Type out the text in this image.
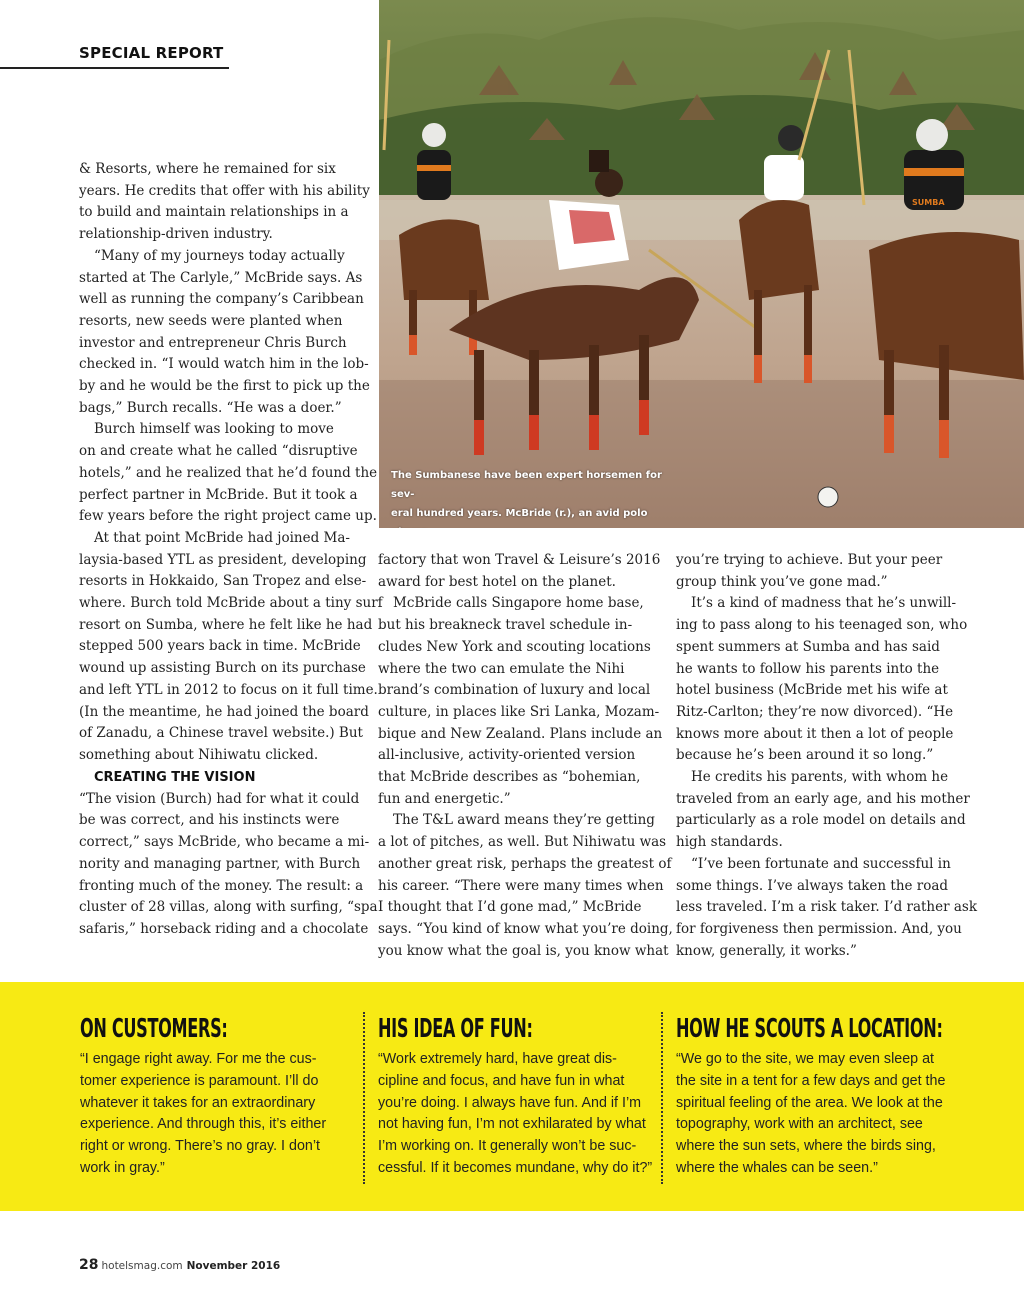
SPECIAL REPORT
SUMBA
The Sumbanese have been expert horsemen for sev-
eral hundred years. McBride (r.), an avid polo

& Resorts, where he remained for six
years. He credits that offer with his ability
to build and maintain relationships in a
relationship-driven industry.

“Many of my journeys today actually
started at The Carlyle,” McBride says. As
well as running the company’s Caribbean
resorts, new seeds were planted when
investor and entrepreneur Chris Burch
checked in. “I would watch him in the lob-
by and he would be the first to pick up the
bags,” Burch recalls. “He was a doer.”

Burch himself was looking to move
on and create what he called “disruptive
hotels,” and he realized that he’d found the
perfect partner in McBride. But it took a
few years before the right project came up.

At that point McBride had joined Ma-
laysia-based YTL as president, developing
resorts in Hokkaido, San Tropez and else-
where. Burch told McBride about a tiny surf
resort on Sumba, where he felt like he had
stepped 500 years back in time. McBride
wound up assisting Burch on its purchase
and left YTL in 2012 to focus on it full time.
(In the meantime, he had joined the board
of Zanadu, a Chinese travel website.) But
something about Nihiwatu clicked.

CREATING THE VISION

“The vision (Burch) had for what it could
be was correct, and his instincts were
correct,” says McBride, who became a mi-
nority and managing partner, with Burch
fronting much of the money. The result: a
cluster of 28 villas, along with surfing, “spa
safaris,” horseback riding and a chocolate

factory that won Travel & Leisure’s 2016
award for best hotel on the planet.

McBride calls Singapore home base,
but his breakneck travel schedule in-
cludes New York and scouting locations
where the two can emulate the Nihi
brand’s combination of luxury and local
culture, in places like Sri Lanka, Mozam-
bique and New Zealand. Plans include an
all-inclusive, activity-oriented version
that McBride describes as “bohemian,
fun and energetic.”

The T&L award means they’re getting
a lot of pitches, as well. But Nihiwatu was
another great risk, perhaps the greatest of
his career. “There were many times when
I thought that I’d gone mad,” McBride
says. “You kind of know what you’re doing,
you know what the goal is, you know what

you’re trying to achieve. But your peer
group think you’ve gone mad.”

It’s a kind of madness that he’s unwill-
ing to pass along to his teenaged son, who
spent summers at Sumba and has said
he wants to follow his parents into the
hotel business (McBride met his wife at
Ritz-Carlton; they’re now divorced). “He
knows more about it then a lot of people
because he’s been around it so long.”

He credits his parents, with whom he
traveled from an early age, and his mother
particularly as a role model on details and
high standards.

“I’ve been fortunate and successful in
some things. I’ve always taken the road
less traveled. I’m a risk taker. I’d rather ask
for forgiveness then permission. And, you
know, generally, it works.”

ON CUSTOMERS:
“I engage right away. For me the cus-
tomer experience is paramount. I’ll do
whatever it takes for an extraordinary
experience. And through this, it’s either
right or wrong. There’s no gray. I don’t
work in gray.”
HIS IDEA OF FUN:
“Work extremely hard, have great dis-
cipline and focus, and have fun in what
you’re doing. I always have fun. And if I’m
not having fun, I’m not exhilarated by what
I’m working on. It generally won’t be suc-
cessful. If it becomes mundane, why do it?”
HOW HE SCOUTS A LOCATION:
“We go to the site, we may even sleep at
the site in a tent for a few days and get the
spiritual feeling of the area. We look at the
topography, work with an architect, see
where the sun sets, where the birds sing,
where the whales can be seen.”
28 hotelsmag.com November 2016
